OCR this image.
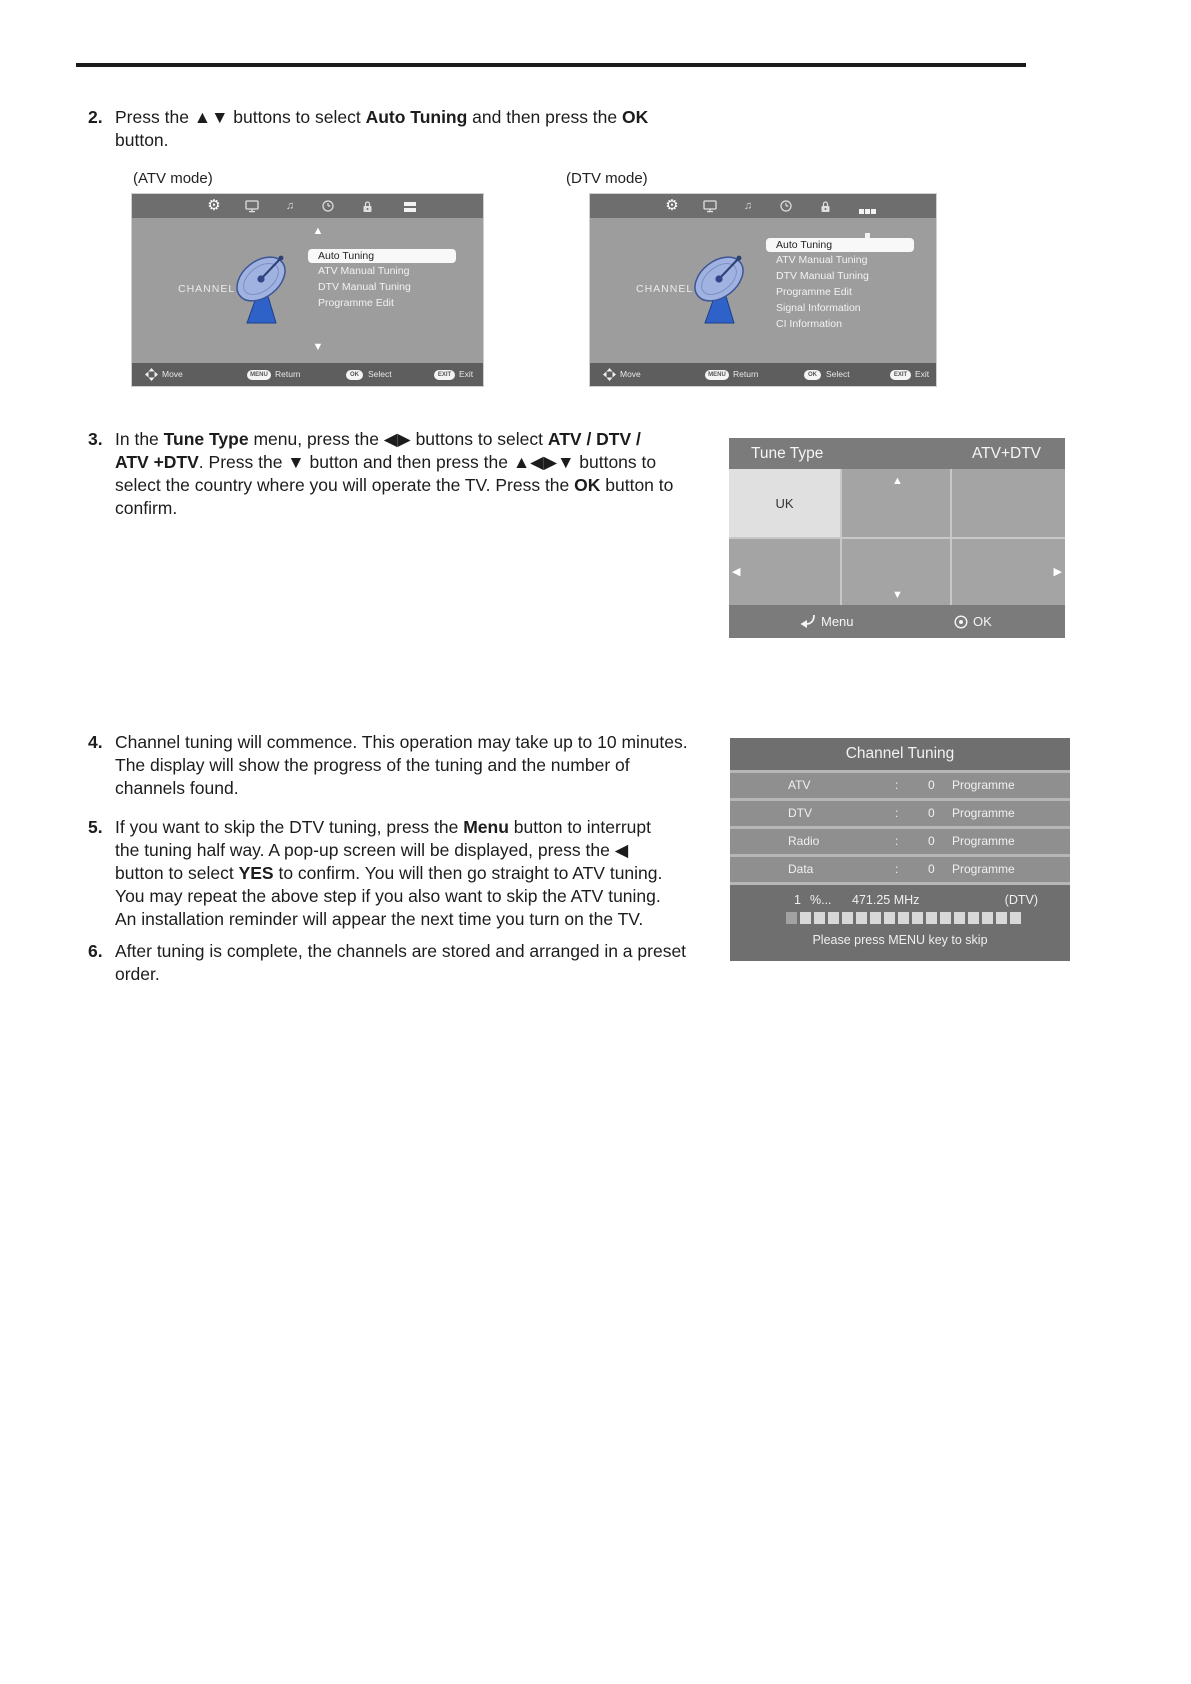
2. Press the ▲▼ buttons to select Auto Tuning and then press the OK
button.
(ATV mode)	(DTV mode)
⚙	♫
▲
CHANNEL
Auto Tuning
ATV Manual Tuning
DTV Manual Tuning
Programme Edit
▼
Move	MENU Return	OK	Select	EXIT Exit
⚙	♫
CHANNEL
Auto Tuning
ATV Manual Tuning
DTV Manual Tuning
Programme Edit
Signal Information
CI Information
Move	MENU Return	OK	Select	EXIT Exit
3. In the Tune Type menu, press the ◀▶ buttons to select ATV / DTV /
ATV +DTV. Press the ▼ button and then press the ▲◀▶▼ buttons to
select the country where you will operate the TV. Press the OK button to
confirm.
Tune Type	ATV+DTV
UK
▲
◀
▼
▶
Menu	OK
4. Channel tuning will commence. This operation may take up to 10 minutes.
The display will show the progress of the tuning and the number of
channels found.
5. If you want to skip the DTV tuning, press the Menu button to interrupt
the tuning half way. A pop-up screen will be displayed, press the ◀
button to select YES to confirm. You will then go straight to ATV tuning.
You may repeat the above step if you also want to skip the ATV tuning.
An installation reminder will appear the next time you turn on the TV.
6. After tuning is complete, the channels are stored and arranged in a preset
order.
Channel Tuning
ATV	: 0 Programme
DTV	: 0 Programme
Radio	: 0 Programme
Data	: 0 Programme
1 %... 471.25 MHz	(DTV)
Please press MENU key to skip
